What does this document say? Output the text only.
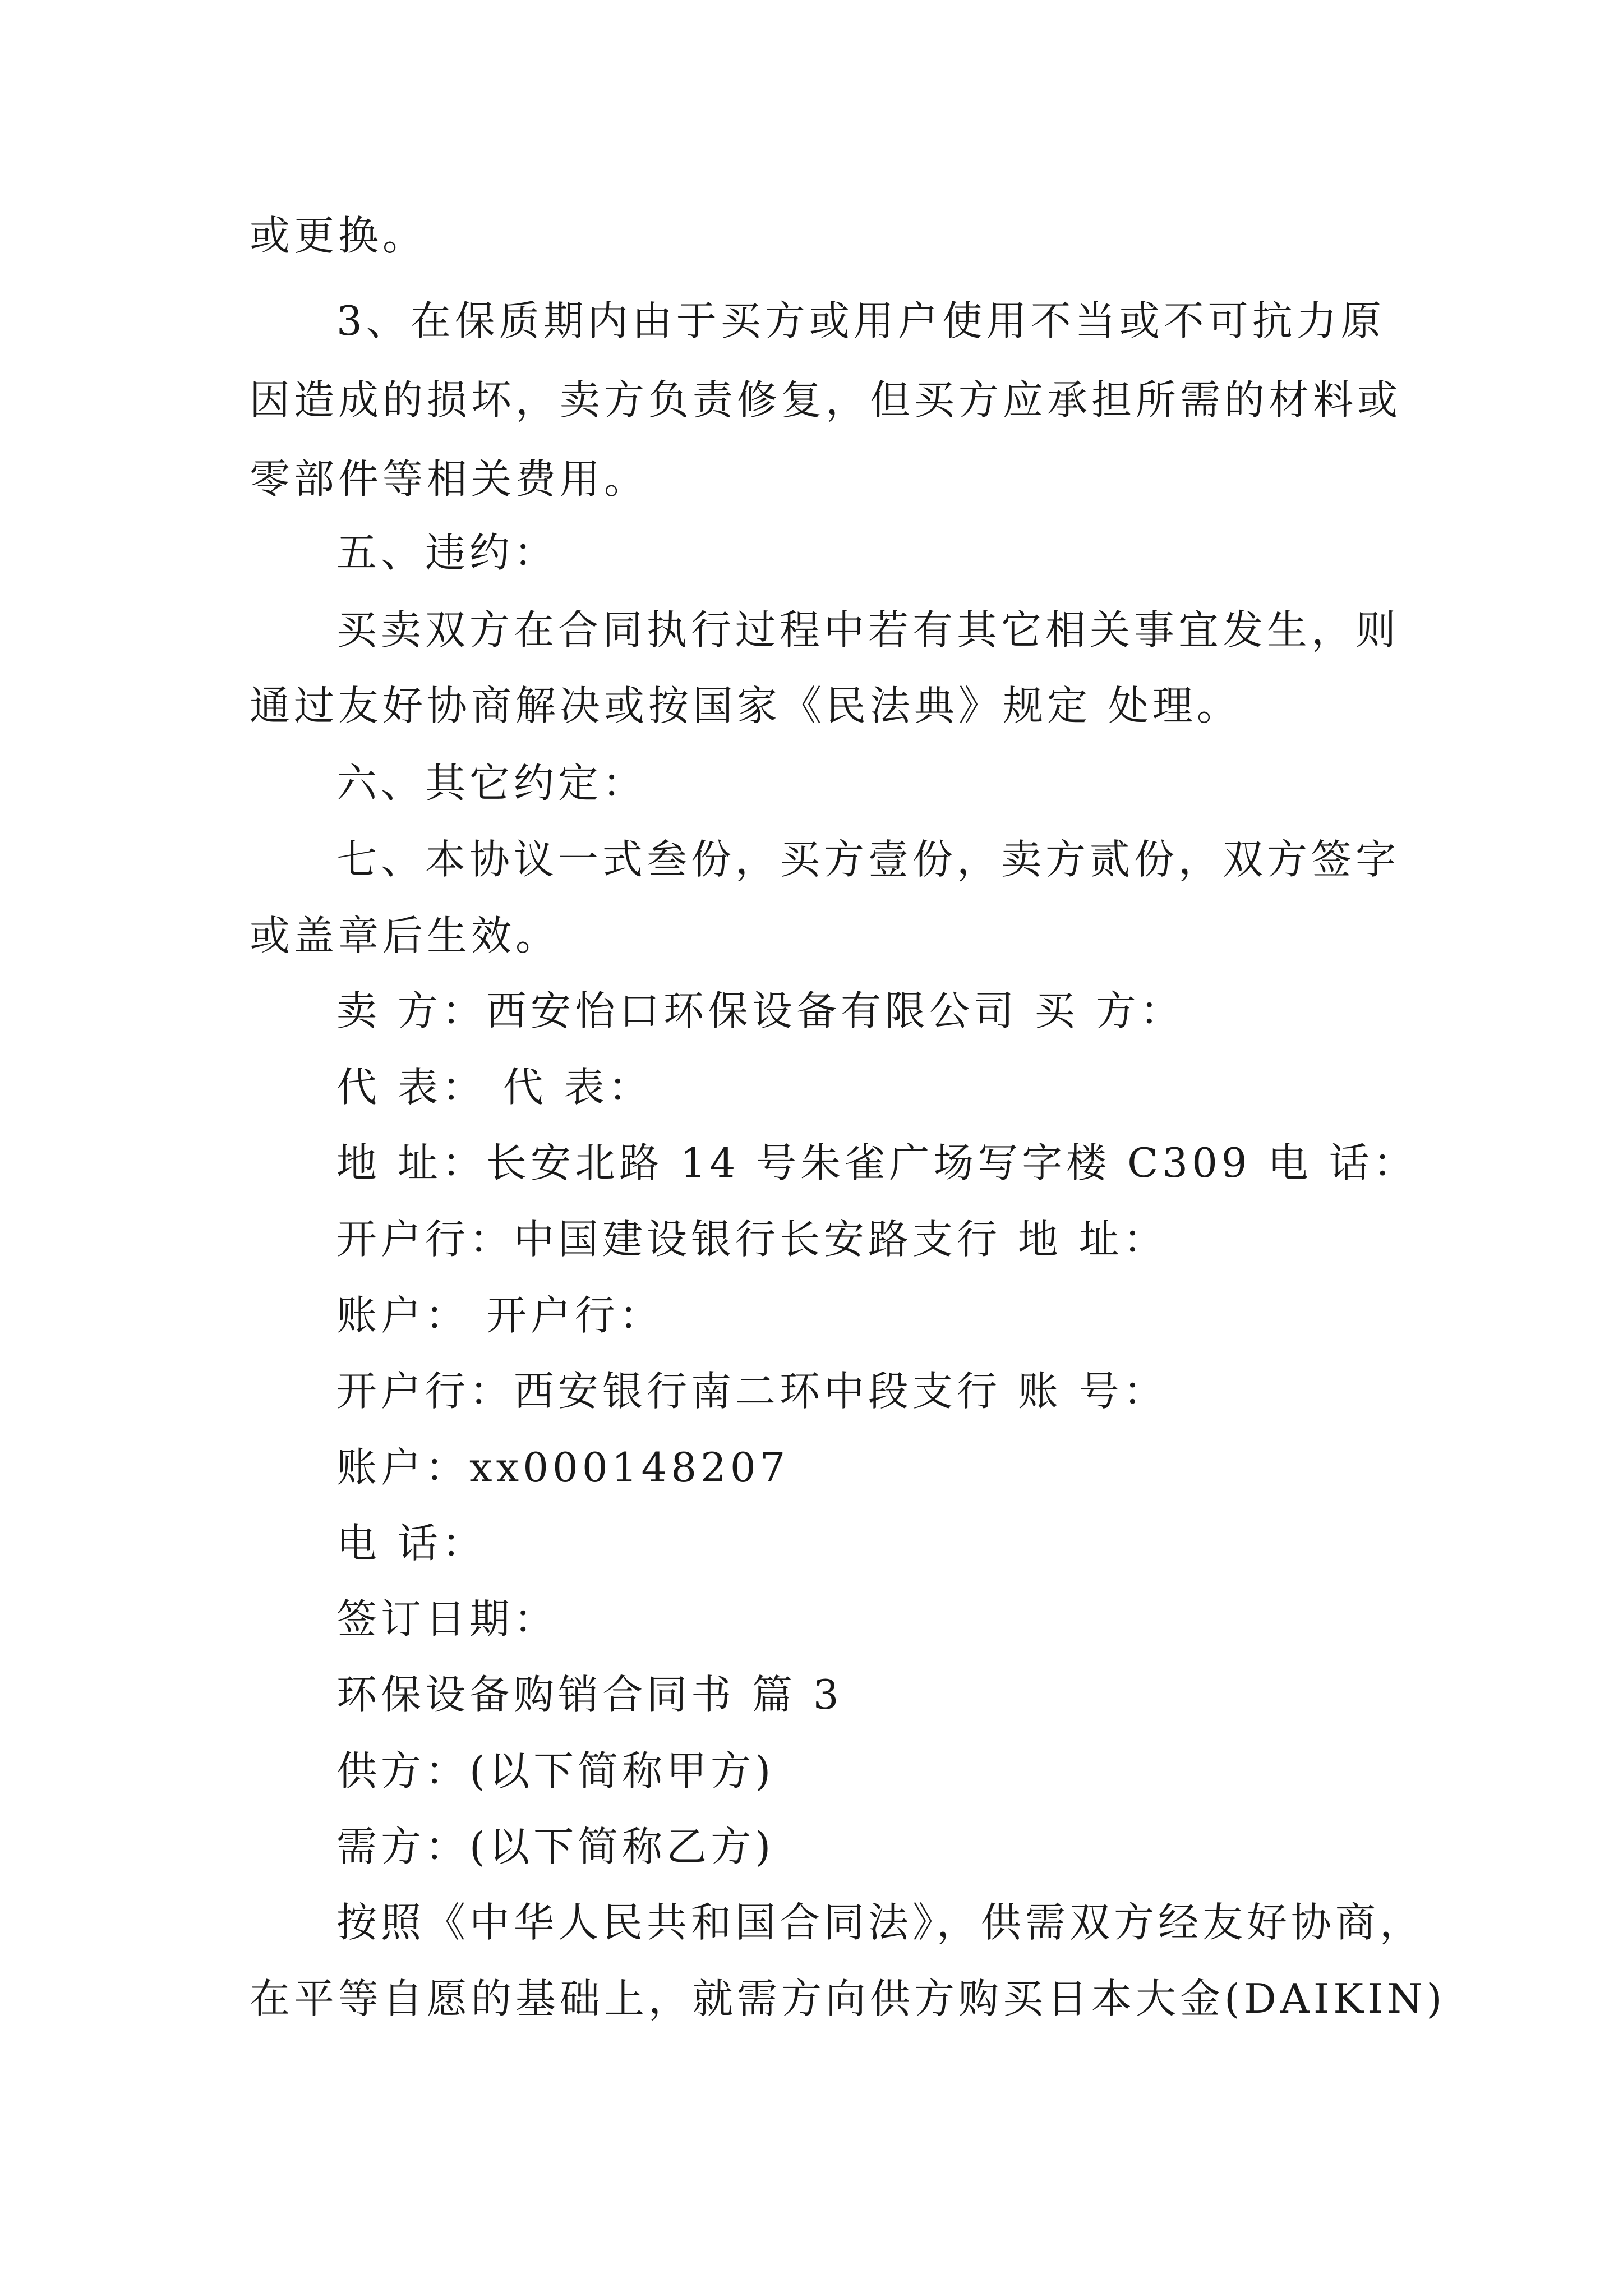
或更换。
3、在保质期内由于买方或用户使用不当或不可抗力原
因造成的损坏，卖方负责修复，但买方应承担所需的材料或
零部件等相关费用。
五、违约：
买卖双方在合同执行过程中若有其它相关事宜发生，则
通过友好协商解决或按国家《民法典》规定 处理。
六、其它约定：
七、本协议一式叁份，买方壹份，卖方贰份，双方签字
或盖章后生效。
卖 方：西安怡口环保设备有限公司 买 方：
代 表： 代 表：
地 址：长安北路 14 号朱雀广场写字楼 C309 电 话：
开户行：中国建设银行长安路支行 地 址：
账户： 开户行：
开户行：西安银行南二环中段支行 账 号：
账户：xx000148207
电 话：
签订日期：
环保设备购销合同书 篇 3
供方：(以下简称甲方)
需方：(以下简称乙方)
按照《中华人民共和国合同法》，供需双方经友好协商，
在平等自愿的基础上，就需方向供方购买日本大金(DAIKIN)
